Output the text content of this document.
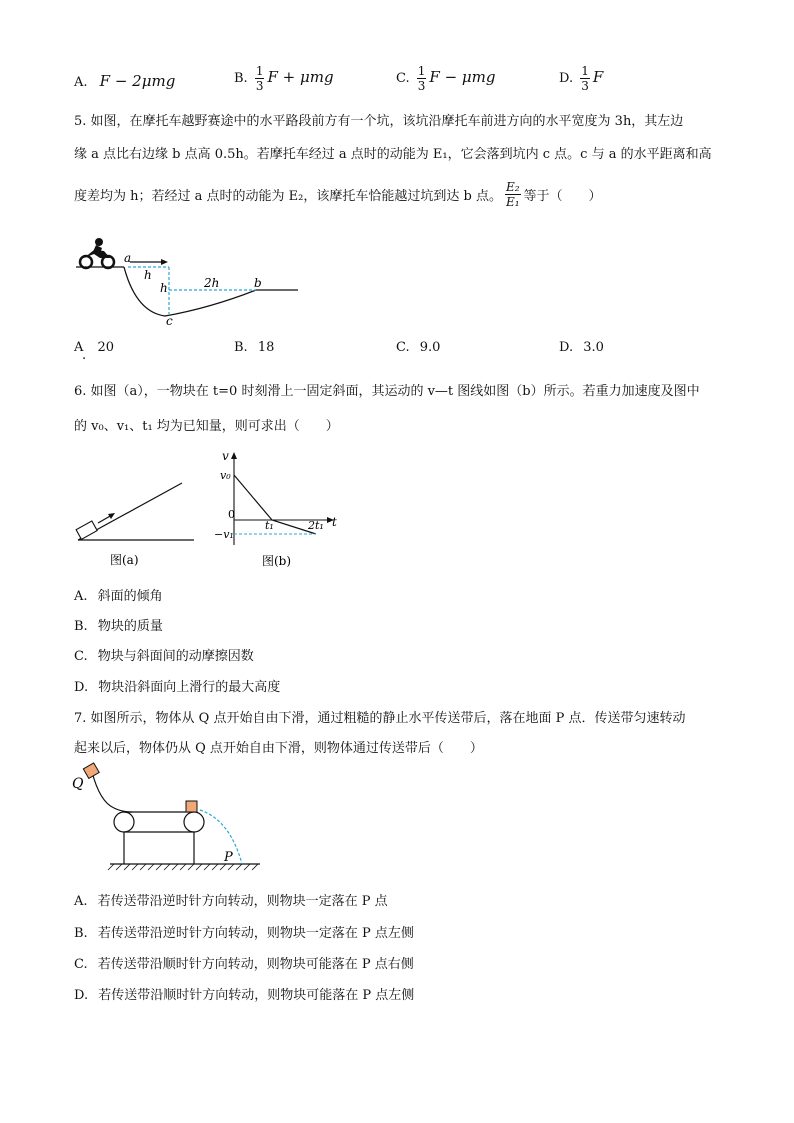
A. F − 2μmg	B. $\frac{1}{3}$ F + μmg	C. $\frac{1}{3}$ F − μmg	D. $\frac{1}{3}$ F
5. 如图，在摩托车越野赛途中的水平路段前方有一个坑，该坑沿摩托车前进方向的水平宽度为 3h，其左边
缘 a 点比右边缘 b 点高 0.5h。若摩托车经过 a 点时的动能为 E₁，它会落到坑内 c 点。c 与 a 的水平距离和高
度差均为 h；若经过 a 点时的动能为 E₂，该摩托车恰能越过坑到达 b 点。 $\frac{\text{E₂}}{\text{E₁}}$ 等于（　　）
a
h
h	2h	b
c
A 20
.
B. 18	C. 9.0	D. 3.0
6. 如图（a），一物块在 t=0 时刻滑上一固定斜面，其运动的 v—t 图线如图（b）所示。若重力加速度及图中
的 v₀、v₁、t₁ 均为已知量，则可求出（　　）
图(a)
v
t
v₀
0
t₁	2t₁
−v₁
图(b)
A. 斜面的倾角
B. 物块的质量
C. 物块与斜面间的动摩擦因数
D. 物块沿斜面向上滑行的最大高度
7. 如图所示，物体从 Q 点开始自由下滑，通过粗糙的静止水平传送带后，落在地面 P 点．传送带匀速转动
起来以后，物体仍从 Q 点开始自由下滑，则物体通过传送带后（　　）
Q
P
A. 若传送带沿逆时针方向转动，则物块一定落在 P 点
B. 若传送带沿逆时针方向转动，则物块一定落在 P 点左侧
C. 若传送带沿顺时针方向转动，则物块可能落在 P 点右侧
D. 若传送带沿顺时针方向转动，则物块可能落在 P 点左侧
